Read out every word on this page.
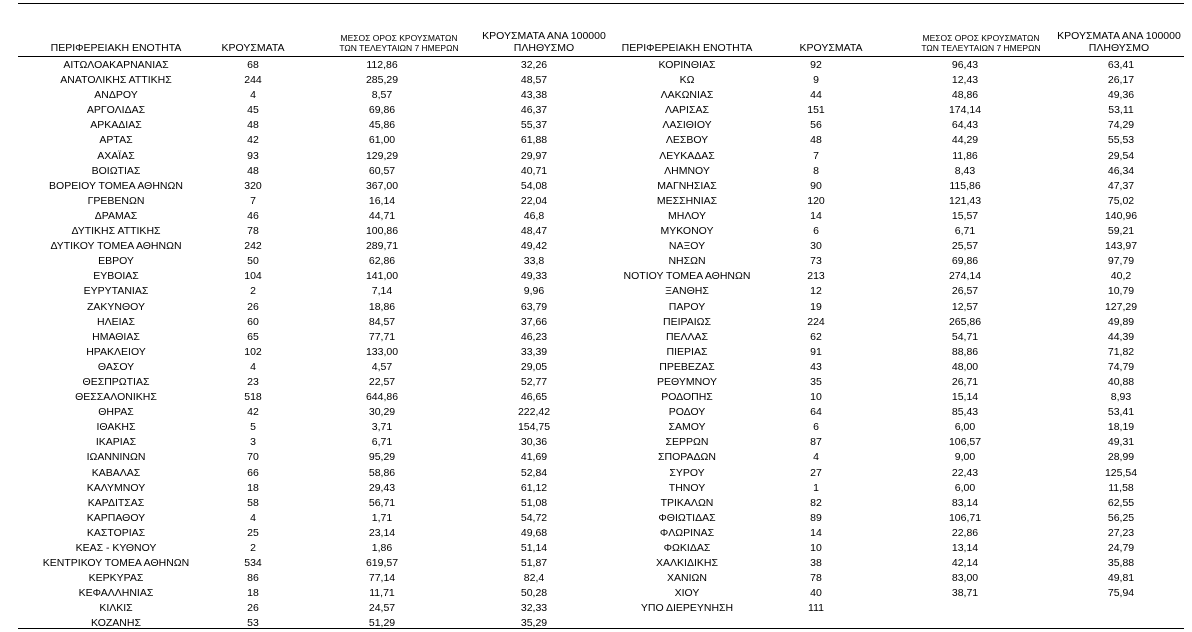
ΠΕΡΙΦΕΡΕΙΑΚΗ ΕΝΟΤΗΤΑ	ΚΡΟΥΣΜΑΤΑ
ΜΕΣΟΣ ΟΡΟΣ ΚΡΟΥΣΜΑΤΩΝ
ΤΩΝ ΤΕΛΕΥΤΑΙΩΝ 7 ΗΜΕΡΩΝ
ΚΡΟΥΣΜΑΤΑ ΑΝΑ 100000
ΠΛΗΘΥΣΜΟ	ΠΕΡΙΦΕΡΕΙΑΚΗ ΕΝΟΤΗΤΑ	ΚΡΟΥΣΜΑΤΑ
ΜΕΣΟΣ ΟΡΟΣ ΚΡΟΥΣΜΑΤΩΝ
ΤΩΝ ΤΕΛΕΥΤΑΙΩΝ 7 ΗΜΕΡΩΝ
ΚΡΟΥΣΜΑΤΑ ΑΝΑ 100000
ΠΛΗΘΥΣΜΟ
ΑΙΤΩΛΟΑΚΑΡΝΑΝΙΑΣ	68	112,86	32,26
ΑΝΑΤΟΛΙΚΗΣ ΑΤΤΙΚΗΣ	244	285,29	48,57
ΑΝΔΡΟΥ	4	8,57	43,38
ΑΡΓΟΛΙΔΑΣ	45	69,86	46,37
ΑΡΚΑΔΙΑΣ	48	45,86	55,37
ΑΡΤΑΣ	42	61,00	61,88
ΑΧΑΪΑΣ	93	129,29	29,97
ΒΟΙΩΤΙΑΣ	48	60,57	40,71
ΒΟΡΕΙΟΥ ΤΟΜΕΑ ΑΘΗΝΩΝ	320	367,00	54,08
ΓΡΕΒΕΝΩΝ	7	16,14	22,04
ΔΡΑΜΑΣ	46	44,71	46,8
ΔΥΤΙΚΗΣ ΑΤΤΙΚΗΣ	78	100,86	48,47
ΔΥΤΙΚΟΥ ΤΟΜΕΑ ΑΘΗΝΩΝ	242	289,71	49,42
ΕΒΡΟΥ	50	62,86	33,8
ΕΥΒΟΙΑΣ	104	141,00	49,33
ΕΥΡΥΤΑΝΙΑΣ	2	7,14	9,96
ΖΑΚΥΝΘΟΥ	26	18,86	63,79
ΗΛΕΙΑΣ	60	84,57	37,66
ΗΜΑΘΙΑΣ	65	77,71	46,23
ΗΡΑΚΛΕΙΟΥ	102	133,00	33,39
ΘΑΣΟΥ	4	4,57	29,05
ΘΕΣΠΡΩΤΙΑΣ	23	22,57	52,77
ΘΕΣΣΑΛΟΝΙΚΗΣ	518	644,86	46,65
ΘΗΡΑΣ	42	30,29	222,42
ΙΘΑΚΗΣ	5	3,71	154,75
ΙΚΑΡΙΑΣ	3	6,71	30,36
ΙΩΑΝΝΙΝΩΝ	70	95,29	41,69
ΚΑΒΑΛΑΣ	66	58,86	52,84
ΚΑΛΥΜΝΟΥ	18	29,43	61,12
ΚΑΡΔΙΤΣΑΣ	58	56,71	51,08
ΚΑΡΠΑΘΟΥ	4	1,71	54,72
ΚΑΣΤΟΡΙΑΣ	25	23,14	49,68
ΚΕΑΣ - ΚΥΘΝΟΥ	2	1,86	51,14
ΚΕΝΤΡΙΚΟΥ ΤΟΜΕΑ ΑΘΗΝΩΝ	534	619,57	51,87
ΚΕΡΚΥΡΑΣ	86	77,14	82,4
ΚΕΦΑΛΛΗΝΙΑΣ	18	11,71	50,28
ΚΙΛΚΙΣ	26	24,57	32,33
ΚΟΖΑΝΗΣ	53	51,29	35,29
ΚΟΡΙΝΘΙΑΣ	92	96,43	63,41
ΚΩ	9	12,43	26,17
ΛΑΚΩΝΙΑΣ	44	48,86	49,36
ΛΑΡΙΣΑΣ	151	174,14	53,11
ΛΑΣΙΘΙΟΥ	56	64,43	74,29
ΛΕΣΒΟΥ	48	44,29	55,53
ΛΕΥΚΑΔΑΣ	7	11,86	29,54
ΛΗΜΝΟΥ	8	8,43	46,34
ΜΑΓΝΗΣΙΑΣ	90	115,86	47,37
ΜΕΣΣΗΝΙΑΣ	120	121,43	75,02
ΜΗΛΟΥ	14	15,57	140,96
ΜΥΚΟΝΟΥ	6	6,71	59,21
ΝΑΞΟΥ	30	25,57	143,97
ΝΗΣΩΝ	73	69,86	97,79
ΝΟΤΙΟΥ ΤΟΜΕΑ ΑΘΗΝΩΝ	213	274,14	40,2
ΞΑΝΘΗΣ	12	26,57	10,79
ΠΑΡΟΥ	19	12,57	127,29
ΠΕΙΡΑΙΩΣ	224	265,86	49,89
ΠΕΛΛΑΣ	62	54,71	44,39
ΠΙΕΡΙΑΣ	91	88,86	71,82
ΠΡΕΒΕΖΑΣ	43	48,00	74,79
ΡΕΘΥΜΝΟΥ	35	26,71	40,88
ΡΟΔΟΠΗΣ	10	15,14	8,93
ΡΟΔΟΥ	64	85,43	53,41
ΣΑΜΟΥ	6	6,00	18,19
ΣΕΡΡΩΝ	87	106,57	49,31
ΣΠΟΡΑΔΩΝ	4	9,00	28,99
ΣΥΡΟΥ	27	22,43	125,54
ΤΗΝΟΥ	1	6,00	11,58
ΤΡΙΚΑΛΩΝ	82	83,14	62,55
ΦΘΙΩΤΙΔΑΣ	89	106,71	56,25
ΦΛΩΡΙΝΑΣ	14	22,86	27,23
ΦΩΚΙΔΑΣ	10	13,14	24,79
ΧΑΛΚΙΔΙΚΗΣ	38	42,14	35,88
ΧΑΝΙΩΝ	78	83,00	49,81
ΧΙΟΥ	40	38,71	75,94
ΥΠΟ ΔΙΕΡΕΥΝΗΣΗ	111
